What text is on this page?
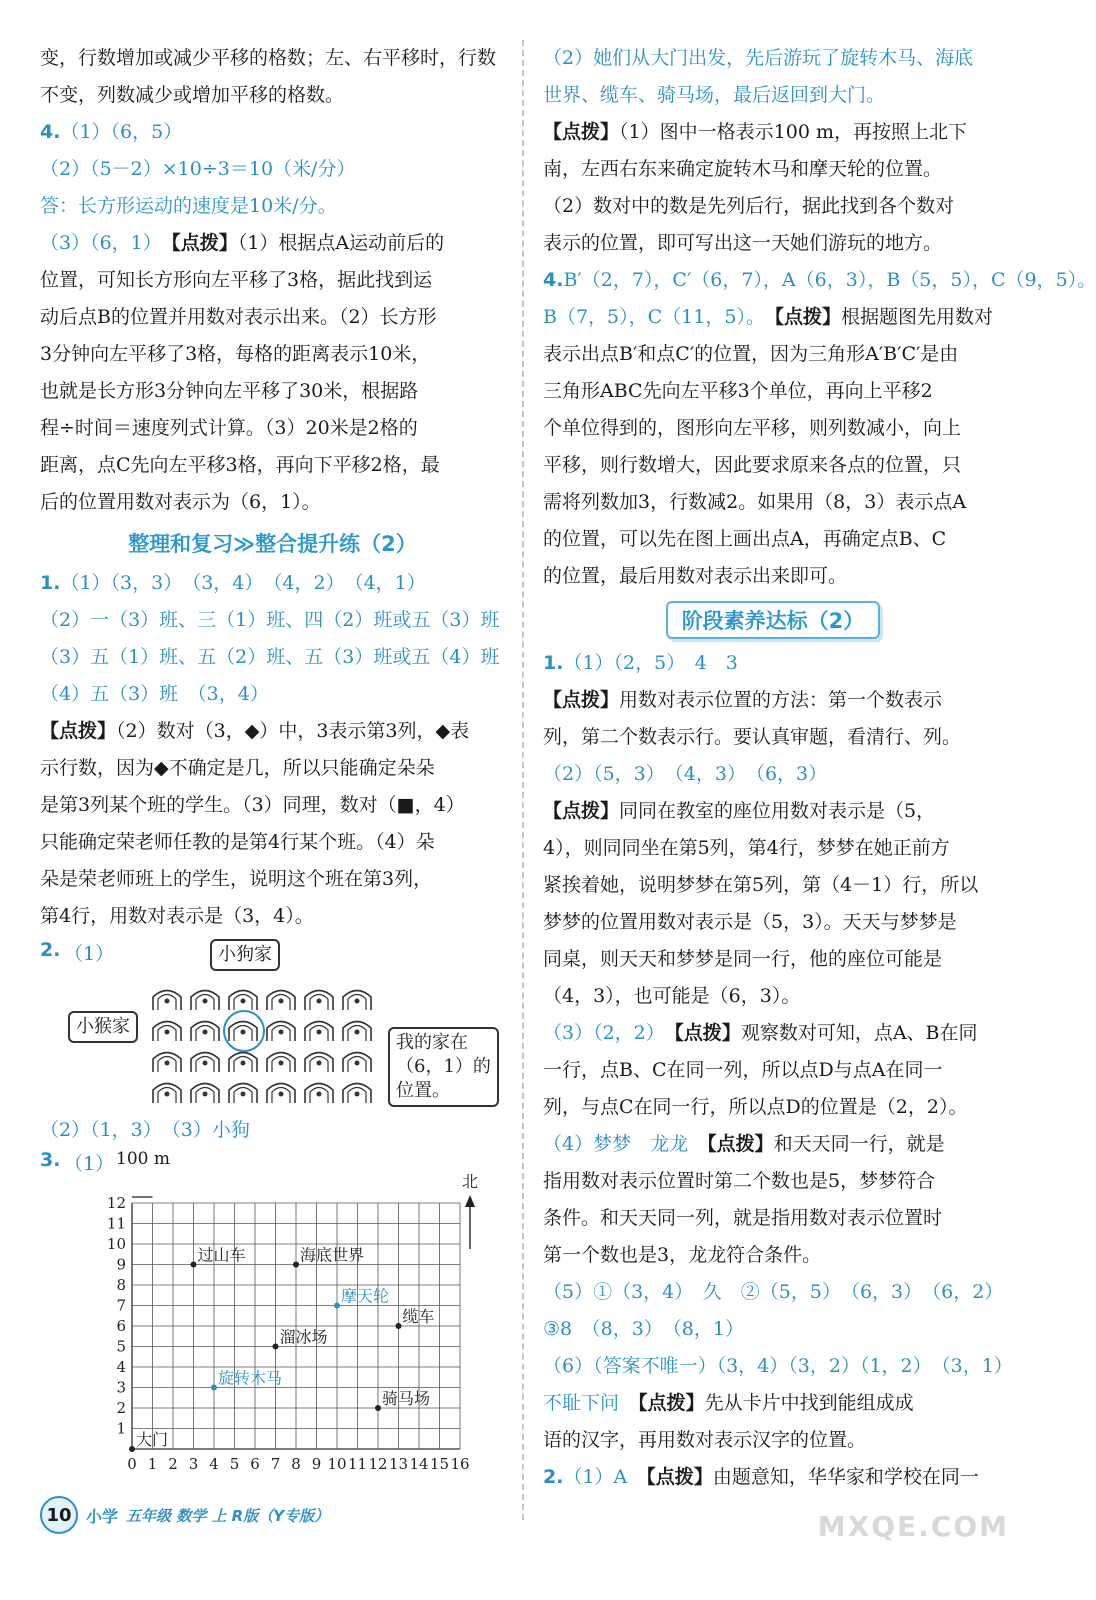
变，行数增加或减少平移的格数；左、右平移时，行数

不变，列数减少或增加平移的格数。

4.（1）（6，5）

（2）（5－2）×10÷3＝10（米/分）

答：长方形运动的速度是10米/分。

（3）（6，1）　 【 点拨 】 （1）根据点A运动前后的

位置，可知长方形向左平移了3格，据此找到运

动后点B的位置并用数对表示出来。（2）长方形

3分钟向左平移了3格，每格的距离表示10米，

也就是长方形3分钟向左平移了30米，根据路

程÷时间＝速度列式计算。（3）20米是2格的

距离，点C先向左平移3格，再向下平移2格，最

后的位置用数对表示为（6，1）。

整理和复习≫整合提升练（2）

1.（1）（3，3）　（3，4）　（4，2）　（4，1）

（2）一（3）班、三（1）班、四（2）班或五（3）班

（3）五（1）班、五（2）班、五（3）班或五（4）班

（4）五（3）班　（3，4）

【 点拨 】 （2）数对（3，◆）中，3表示第3列，◆表

示行数，因为◆不确定是几，所以只能确定朵朵

是第3列某个班的学生。（3）同理，数对（■，4）

只能确定荣老师任教的是第4行某个班。（4）朵

朵是荣老师班上的学生，说明这个班在第3列，

第4行，用数对表示是（3，4）。

2. （1）	小狗家
小猴家
我的家在
（6，1）的
位置。

（2）（1，3）　（3）小狗

3. （1） 100 m
0 1 2 3 4 5 6 7 8 9 10 11 12 13 14 15 16
1
2
3
4
5
6
7
8
9
10
11
12
北
过山车	海底世界
摩天轮
缆车
溜冰场
旋转木马
骑马场
大门

（2）她们从大门出发，先后游玩了旋转木马、海底

世界、缆车、骑马场，最后返回到大门。

【 点拨 】 （1）图中一格表示100 m，再按照上北下

南，左西右东来确定旋转木马和摩天轮的位置。

（2）数对中的数是先列后行，据此找到各个数对

表示的位置，即可写出这一天她们游玩的地方。

4.B′（2，7），C′（6，7），A（6，3），B（5，5），C（9，5）。

B（7，5），C（11，5）。　 【 点拨 】 根据题图先用数对

表示出点B′和点C′的位置，因为三角形A′B′C′是由

三角形ABC先向左平移3个单位，再向上平移2

个单位得到的，图形向左平移，则列数减小，向上

平移，则行数增大，因此要求原来各点的位置，只

需将列数加3，行数减2。如果用（8，3）表示点A

的位置，可以先在图上画出点A，再确定点B、C

的位置，最后用数对表示出来即可。

阶段素养达标（2）

1.（1）（2，5）　4　3

【 点拨 】 用数对表示位置的方法：第一个数表示

列，第二个数表示行。要认真审题，看清行、列。

（2）（5，3）　（4，3）　（6，3）

【 点拨 】 同同在教室的座位用数对表示是（5，

4），则同同坐在第5列，第4行，梦梦在她正前方

紧挨着她，说明梦梦在第5列，第（4－1）行，所以

梦梦的位置用数对表示是（5，3）。天天与梦梦是

同桌，则天天和梦梦是同一行，他的座位可能是

（4，3），也可能是（6，3）。

（3）（2，2）　 【 点拨 】 观察数对可知，点A、B在同

一行，点B、C在同一列，所以点D与点A在同一

列，与点C在同一行，所以点D的位置是（2，2）。

（4）梦梦　龙龙　 【 点拨 】 和天天同一行，就是

指用数对表示位置时第二个数也是5，梦梦符合

条件。和天天同一列，就是指用数对表示位置时

第一个数也是3，龙龙符合条件。

（5）①（3，4）　久　②（5，5）　（6，3）　（6，2）

③8　（8，3）　（8，1）

（6）（答案不唯一）（3，4）（3，2）（1，2）　（3，1）

不耻下问　 【 点拨 】 先从卡片中找到能组成成

语的汉字，再用数对表示汉字的位置。

2.（1）A　 【 点拨 】 由题意知，华华家和学校在同一

10 小学 五年级 数学 上 R版（Y专版）	MXQE.COM
